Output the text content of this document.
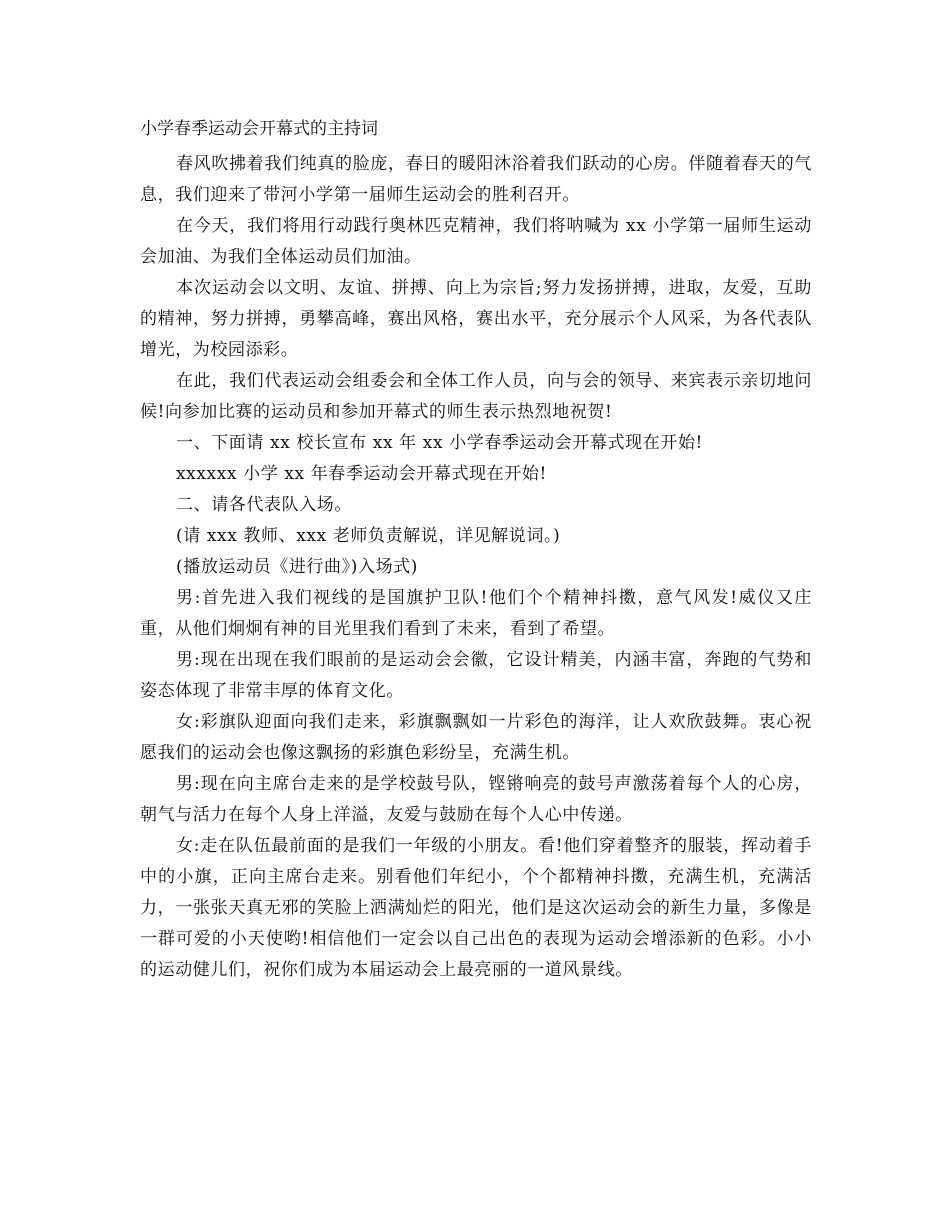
小学春季运动会开幕式的主持词

春风吹拂着我们纯真的脸庞，春日的暖阳沐浴着我们跃动的心房。伴随着春天的气息，我们迎来了带河小学第一届师生运动会的胜利召开。

在今天，我们将用行动践行奥林匹克精神，我们将呐喊为 xx 小学第一届师生运动会加油、为我们全体运动员们加油。

本次运动会以文明、友谊、拼搏、向上为宗旨;努力发扬拼搏，进取，友爱，互助的精神，努力拼搏，勇攀高峰，赛出风格，赛出水平，充分展示个人风采，为各代表队增光，为校园添彩。

在此，我们代表运动会组委会和全体工作人员，向与会的领导、来宾表示亲切地问候!向参加比赛的运动员和参加开幕式的师生表示热烈地祝贺!

一、下面请 xx 校长宣布 xx 年 xx 小学春季运动会开幕式现在开始!

xxxxxx 小学 xx 年春季运动会开幕式现在开始!

二、请各代表队入场。

(请 xxx 教师、xxx 老师负责解说，详见解说词。)

(播放运动员《进行曲》)入场式)

男:首先进入我们视线的是国旗护卫队!他们个个精神抖擞，意气风发!威仪又庄重，从他们炯炯有神的目光里我们看到了未来，看到了希望。

男:现在出现在我们眼前的是运动会会徽，它设计精美，内涵丰富，奔跑的气势和姿态体现了非常丰厚的体育文化。

女:彩旗队迎面向我们走来，彩旗飘飘如一片彩色的海洋，让人欢欣鼓舞。衷心祝愿我们的运动会也像这飘扬的彩旗色彩纷呈，充满生机。

男:现在向主席台走来的是学校鼓号队，铿锵响亮的鼓号声激荡着每个人的心房，朝气与活力在每个人身上洋溢，友爱与鼓励在每个人心中传递。

女:走在队伍最前面的是我们一年级的小朋友。看!他们穿着整齐的服装，挥动着手中的小旗，正向主席台走来。别看他们年纪小，个个都精神抖擞，充满生机，充满活力，一张张天真无邪的笑脸上洒满灿烂的阳光，他们是这次运动会的新生力量，多像是一群可爱的小天使哟!相信他们一定会以自己出色的表现为运动会增添新的色彩。小小的运动健儿们，祝你们成为本届运动会上最亮丽的一道风景线。
